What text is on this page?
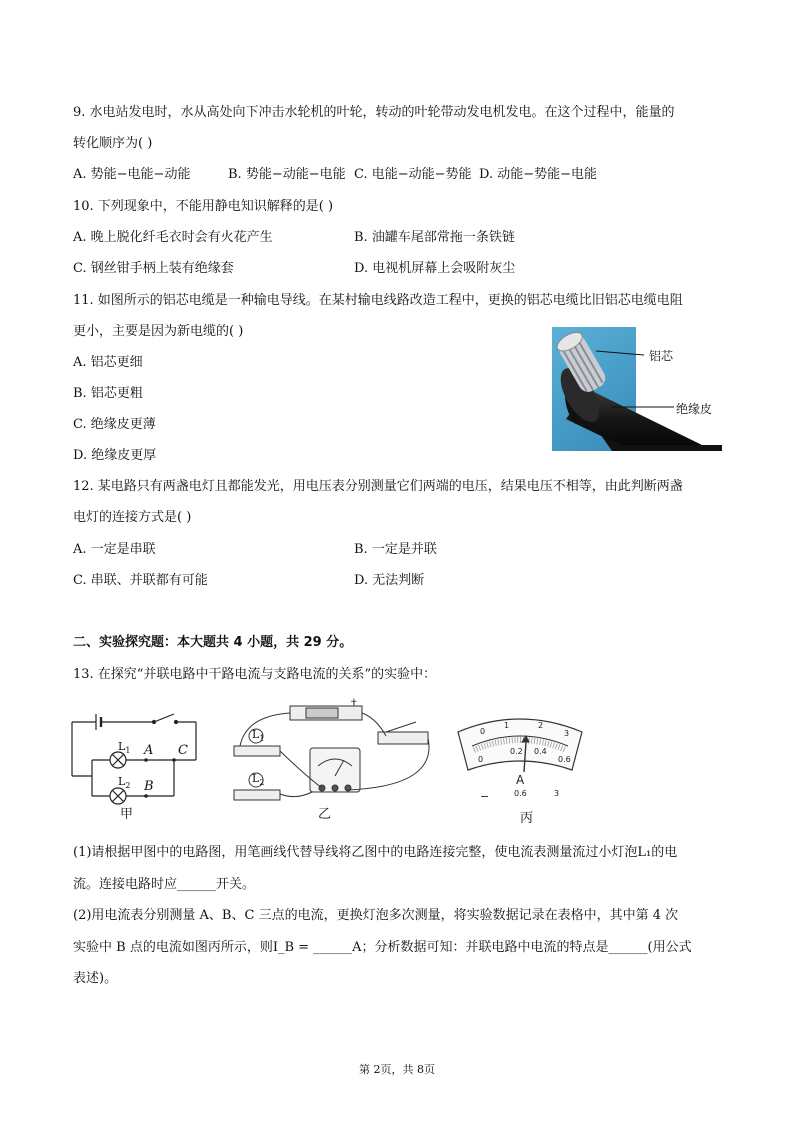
9. 水电站发电时，水从高处向下冲击水轮机的叶轮，转动的叶轮带动发电机发电。在这个过程中，能量的
转化顺序为( )
A. 势能−电能−动能	B. 势能−动能−电能 C. 电能−动能−势能 D. 动能−势能−电能
10. 下列现象中，不能用静电知识解释的是( )
A. 晚上脱化纤毛衣时会有火花产生	B. 油罐车尾部常拖一条铁链
C. 钢丝钳手柄上装有绝缘套	D. 电视机屏幕上会吸附灰尘
11. 如图所示的铝芯电缆是一种输电导线。在某村输电线路改造工程中，更换的铝芯电缆比旧铝芯电缆电阻
更小，主要是因为新电缆的( )
A. 铝芯更细
B. 铝芯更粗
C. 绝缘皮更薄
D. 绝缘皮更厚
铝芯
绝缘皮
12. 某电路只有两盏电灯且都能发光，用电压表分别测量它们两端的电压，结果电压不相等，由此判断两盏
电灯的连接方式是( )
A. 一定是串联	B. 一定是并联
C. 串联、并联都有可能	D. 无法判断
二、实验探究题：本大题共 4 小题，共 29 分。
13. 在探究“并联电路中干路电流与支路电流的关系”的实验中：
$L_1$
$L_2$
A
B
C
甲
+
$L_1$
$L_2$
乙
0
1	2
3
0
0.2 0.4
0.6
A
−	0.6	3
丙
(1)请根据甲图中的电路图，用笔画线代替导线将乙图中的电路连接完整，使电流表测量流过小灯泡L₁的电
流。连接电路时应______开关。
(2)用电流表分别测量 A、B、C 三点的电流，更换灯泡多次测量，将实验数据记录在表格中，其中第 4 次
实验中 B 点的电流如图丙所示，则I_B = ______A；分析数据可知：并联电路中电流的特点是______(用公式
表述)。
第 2页，共 8页
